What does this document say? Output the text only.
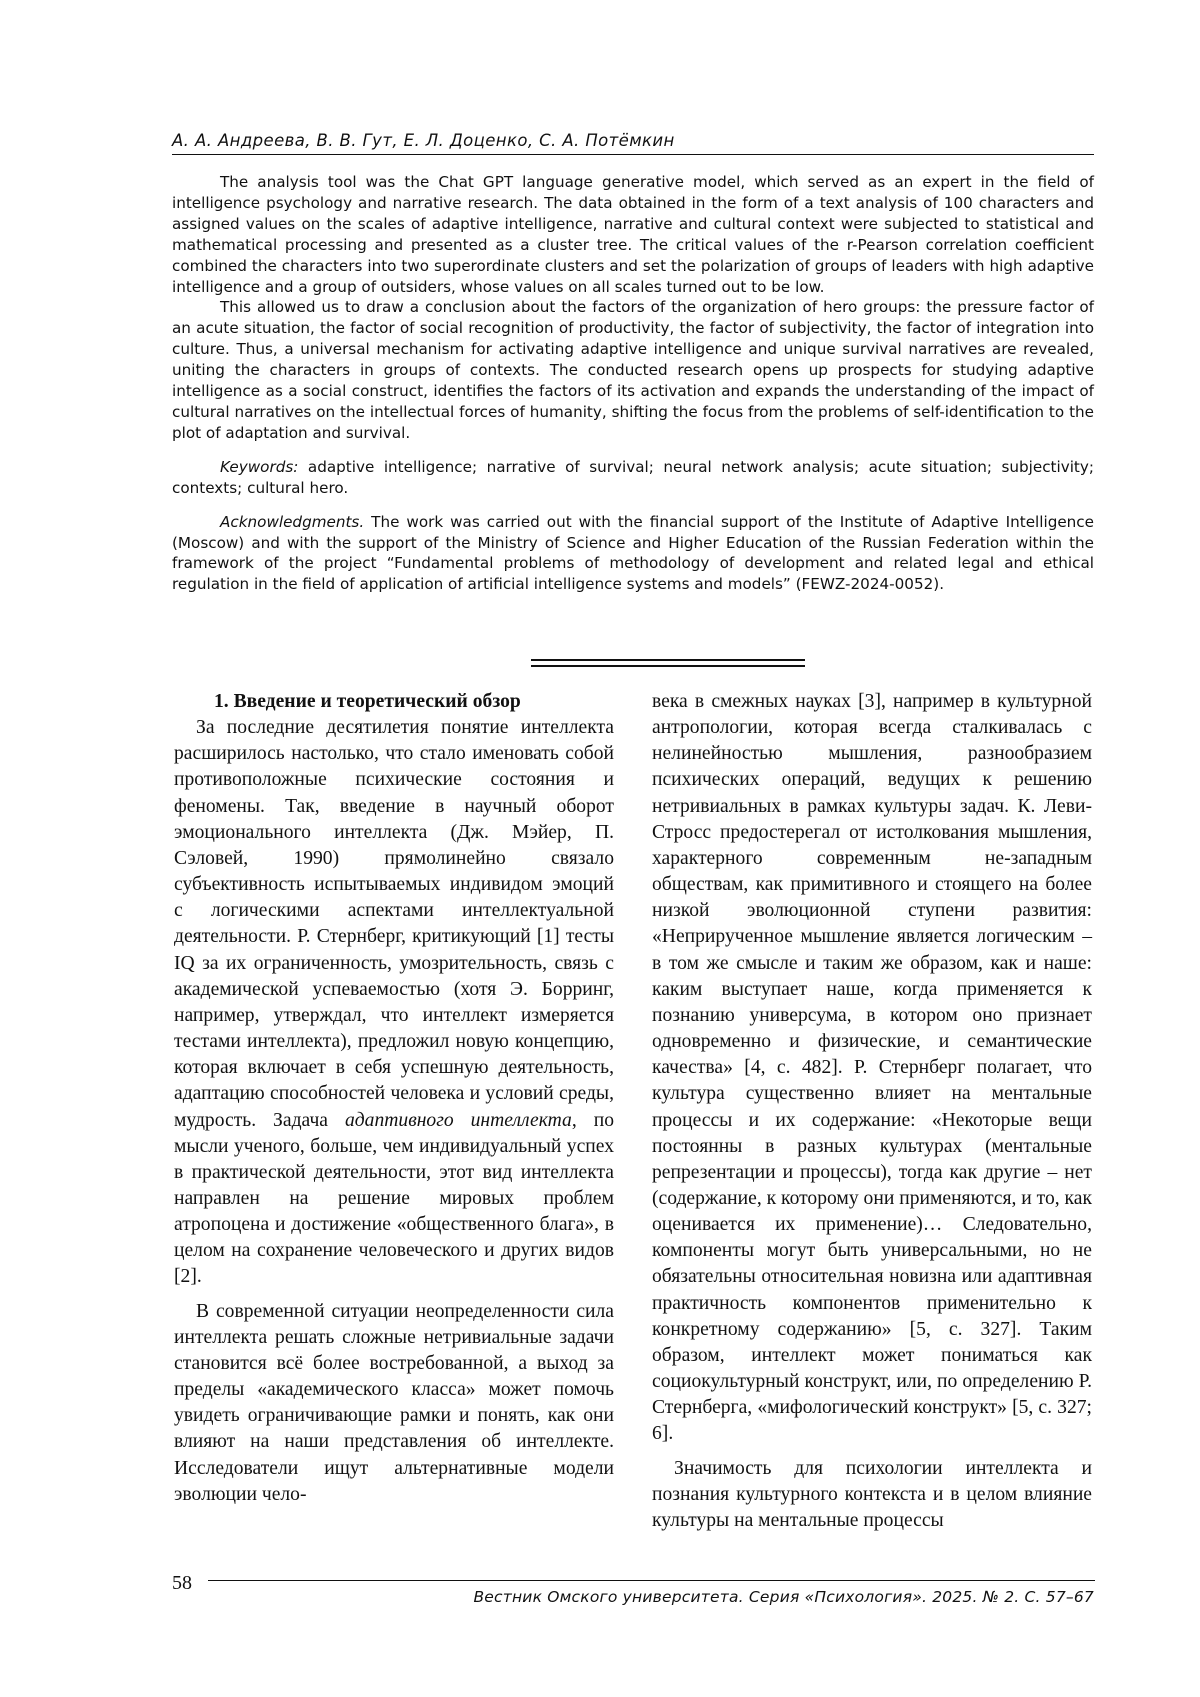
А. А. Андреева, В. В. Гут, Е. Л. Доценко, С. А. Потёмкин

The analysis tool was the Chat GPT language generative model, which served as an expert in the field of intelligence psychology and narrative research. The data obtained in the form of a text analysis of 100 characters and assigned values on the scales of adaptive intelligence, narrative and cultural context were subjected to statistical and mathematical processing and presented as a cluster tree. The critical values of the r-Pearson correlation coefficient combined the characters into two superordinate clusters and set the polarization of groups of leaders with high adaptive intelligence and a group of outsiders, whose values on all scales turned out to be low.

This allowed us to draw a conclusion about the factors of the organization of hero groups: the pressure factor of an acute situation, the factor of social recognition of productivity, the factor of subjectivity, the factor of integration into culture. Thus, a universal mechanism for activating adaptive intelligence and unique survival narratives are revealed, uniting the characters in groups of contexts. The conducted research opens up prospects for studying adaptive intelligence as a social construct, identifies the factors of its activation and expands the understanding of the impact of cultural narratives on the intellectual forces of humanity, shifting the focus from the problems of self-identification to the plot of adaptation and survival.

Keywords: adaptive intelligence; narrative of survival; neural network analysis; acute situation; subjectivity; contexts; cultural hero.

Acknowledgments. The work was carried out with the financial support of the Institute of Adaptive Intelligence (Moscow) and with the support of the Ministry of Science and Higher Education of the Russian Federation within the framework of the project “Fundamental problems of methodology of development and related legal and ethical regulation in the field of application of artificial intelligence systems and models” (FEWZ-2024-0052).

1. Введение и теоретический обзор

За последние десятилетия понятие интеллекта расширилось настолько, что стало именовать собой противоположные психические состояния и феномены. Так, введение в научный оборот эмоционального интеллекта (Дж. Мэйер, П. Сэловей, 1990) прямолинейно связало субъективность испытываемых индивидом эмоций с логическими аспектами интеллектуальной деятельности. Р. Стернберг, критикующий [1] тесты IQ за их ограниченность, умозрительность, связь с академической успеваемостью (хотя Э. Борринг, например, утверждал, что интеллект измеряется тестами интеллекта), предложил новую концепцию, которая включает в себя успешную деятельность, адаптацию способностей человека и условий среды, мудрость. Задача адаптивного интеллекта, по мысли ученого, больше, чем индивидуальный успех в практической деятельности, этот вид интеллекта направлен на решение мировых проблем атропоцена и достижение «общественного блага», в целом на сохранение человеческого и других видов [2].

В современной ситуации неопределенности сила интеллекта решать сложные нетривиальные задачи становится всё более востребованной, а выход за пределы «академического класса» может помочь увидеть ограничивающие рамки и понять, как они влияют на наши представления об интеллекте. Исследователи ищут альтернативные модели эволюции чело-

века в смежных науках [3], например в культурной антропологии, которая всегда сталкивалась с нелинейностью мышления, разнообразием психических операций, ведущих к решению нетривиальных в рамках культуры задач. К. Леви-Стросс предостерегал от истолкования мышления, характерного современным не-западным обществам, как примитивного и стоящего на более низкой эволюционной ступени развития: «Неприрученное мышление является логическим – в том же смысле и таким же образом, как и наше: каким выступает наше, когда применяется к познанию универсума, в котором оно признает одновременно и физические, и семантические качества» [4, с. 482]. Р. Стернберг полагает, что культура существенно влияет на ментальные процессы и их содержание: «Некоторые вещи постоянны в разных культурах (ментальные репрезентации и процессы), тогда как другие – нет (содержание, к которому они применяются, и то, как оценивается их применение)… Следовательно, компоненты могут быть универсальными, но не обязательны относительная новизна или адаптивная практичность компонентов применительно к конкретному содержанию» [5, с. 327]. Таким образом, интеллект может пониматься как социокультурный конструкт, или, по определению Р. Стернберга, «мифологический конструкт» [5, с. 327; 6].

Значимость для психологии интеллекта и познания культурного контекста и в целом влияние культуры на ментальные процессы

58
Вестник Омского университета. Серия «Психология». 2025. № 2. С. 57–67
